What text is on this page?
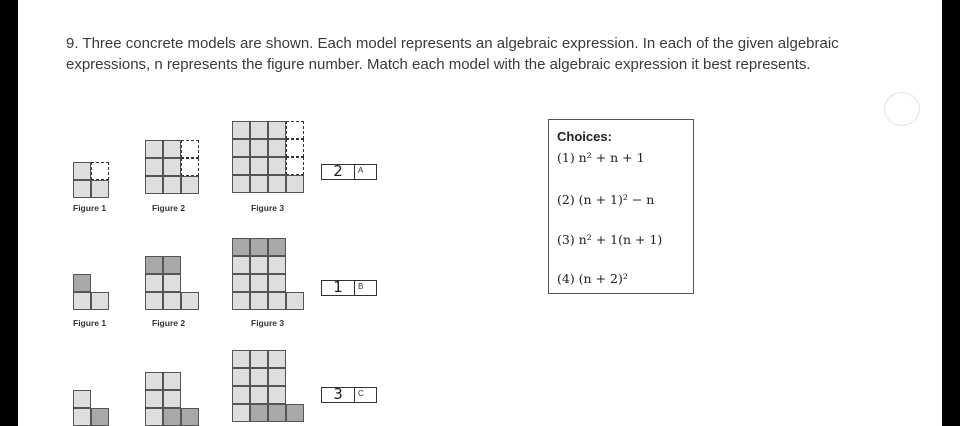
9. Three concrete models are shown. Each model represents an algebraic expression. In each of the given algebraic expressions, n represents the figure number. Match each model with the algebraic expression it best represents.
Figure 1	Figure 2	Figure 3
2	A
Figure 1	Figure 2	Figure 3
1	B
3	C
Choices:
(1) n² + n + 1
(2) (n + 1)² − n
(3) n² + 1(n + 1)
(4) (n + 2)²
